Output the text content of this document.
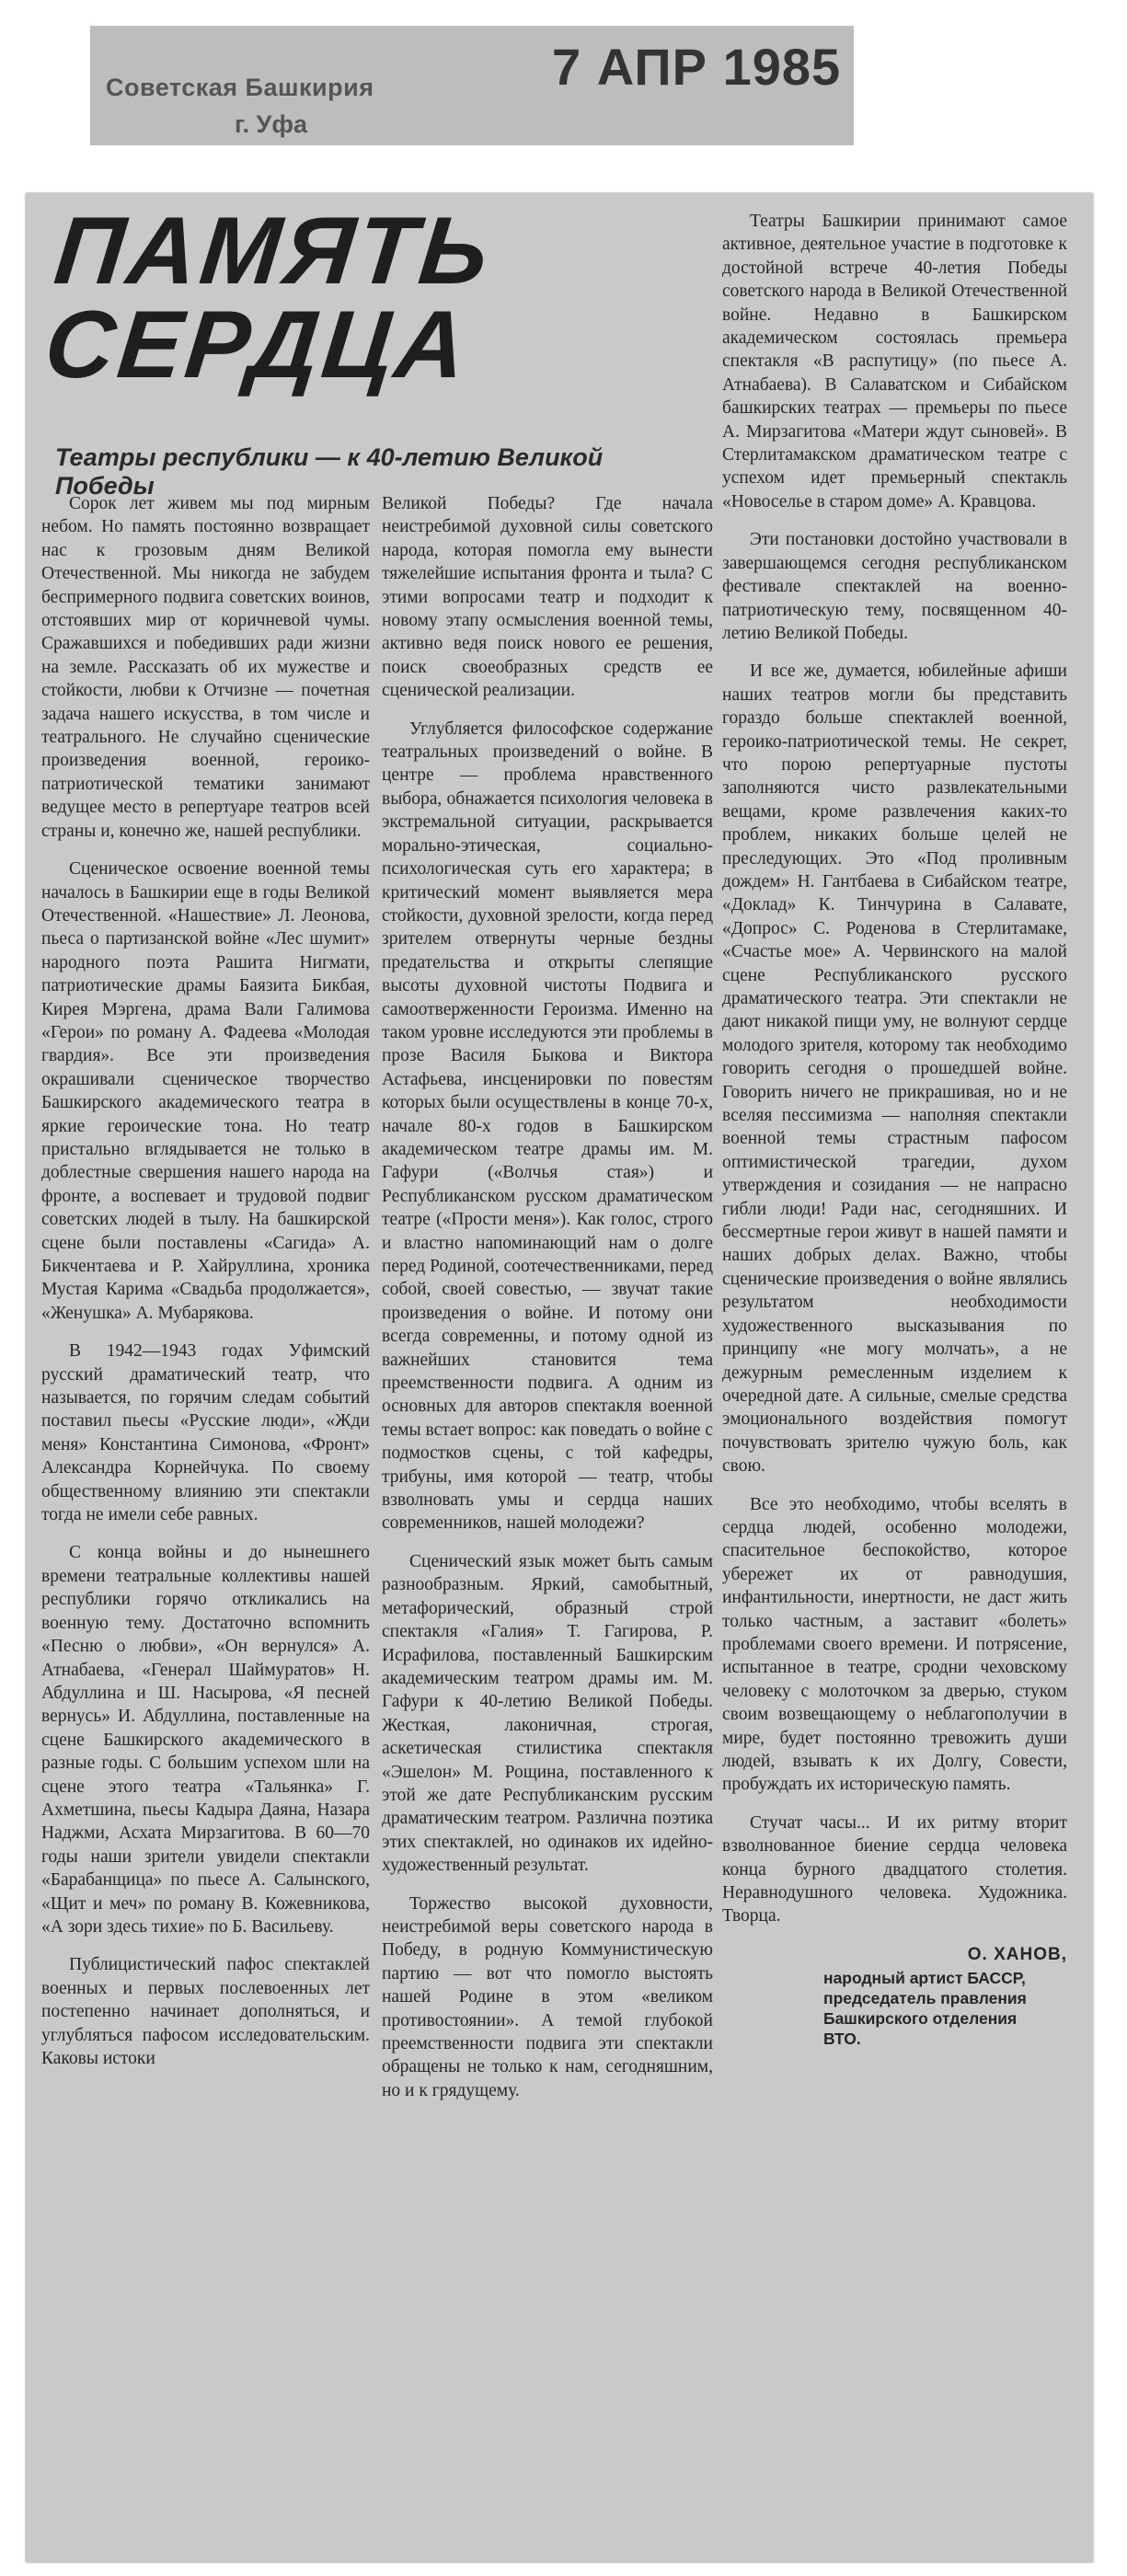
Советская Башкирия
г. Уфа
7 АПР 1985
ПАМЯТЬ
СЕРДЦА
Театры республики — к 40-летию Великой Победы

Сорок лет живем мы под мирным небом. Но память постоянно возвращает нас к грозовым дням Великой Отечественной. Мы никогда не забудем беспримерного подвига советских воинов, отстоявших мир от коричневой чумы. Сражавшихся и победивших ради жизни на земле. Рассказать об их мужестве и стойкости, любви к Отчизне — почетная задача нашего искусства, в том числе и театрального. Не случайно сценические произведения военной, героико-патриотической тематики занимают ведущее место в репертуаре театров всей страны и, конечно же, нашей республики.

Сценическое освоение военной темы началось в Башкирии еще в годы Великой Отечественной. «Нашествие» Л. Леонова, пьеса о партизанской войне «Лес шумит» народного поэта Рашита Нигмати, патриотические драмы Баязита Бикбая, Кирея Мэргена, драма Вали Галимова «Герои» по роману А. Фадеева «Молодая гвардия». Все эти произведения окрашивали сценическое творчество Башкирского академического театра в яркие героические тона. Но театр пристально вглядывается не только в доблестные свершения нашего народа на фронте, а воспевает и трудовой подвиг советских людей в тылу. На башкирской сцене были поставлены «Сагида» А. Бикчентаева и Р. Хайруллина, хроника Мустая Карима «Свадьба продолжается», «Женушка» А. Мубарякова.

В 1942—1943 годах Уфимский русский драматический театр, что называется, по горячим следам событий поставил пьесы «Русские люди», «Жди меня» Константина Симонова, «Фронт» Александра Корнейчука. По своему общественному влиянию эти спектакли тогда не имели себе равных.

С конца войны и до нынешнего времени театральные коллективы нашей республики горячо откликались на военную тему. Достаточно вспомнить «Песню о любви», «Он вернулся» А. Атнабаева, «Генерал Шаймуратов» Н. Абдуллина и Ш. Насырова, «Я песней вернусь» И. Абдуллина, поставленные на сцене Башкирского академического в разные годы. С большим успехом шли на сцене этого театра «Тальянка» Г. Ахметшина, пьесы Кадыра Даяна, Назара Наджми, Асхата Мирзагитова. В 60—70 годы наши зрители увидели спектакли «Барабанщица» по пьесе А. Салынского, «Щит и меч» по роману В. Кожевникова, «А зори здесь тихие» по Б. Васильеву.

Публицистический пафос спектаклей военных и первых послевоенных лет постепенно начинает дополняться, и углубляться пафосом исследовательским. Каковы истоки

Великой Победы? Где начала неистребимой духовной силы советского народа, которая помогла ему вынести тяжелейшие испытания фронта и тыла? С этими вопросами театр и подходит к новому этапу осмысления военной темы, активно ведя поиск нового ее решения, поиск своеобразных средств ее сценической реализации.

Углубляется философское содержание театральных произведений о войне. В центре — проблема нравственного выбора, обнажается психология человека в экстремальной ситуации, раскрывается морально-этическая, социально-психологическая суть его характера; в критический момент выявляется мера стойкости, духовной зрелости, когда перед зрителем отвернуты черные бездны предательства и открыты слепящие высоты духовной чистоты Подвига и самоотверженности Героизма. Именно на таком уровне исследуются эти проблемы в прозе Василя Быкова и Виктора Астафьева, инсценировки по повестям которых были осуществлены в конце 70-х, начале 80-х годов в Башкирском академическом театре драмы им. М. Гафури («Волчья стая») и Республиканском русском драматическом театре («Прости меня»). Как голос, строго и властно напоминающий нам о долге перед Родиной, соотечественниками, перед собой, своей совестью, — звучат такие произведения о войне. И потому они всегда современны, и потому одной из важнейших становится тема преемственности подвига. А одним из основных для авторов спектакля военной темы встает вопрос: как поведать о войне с подмостков сцены, с той кафедры, трибуны, имя которой — театр, чтобы взволновать умы и сердца наших современников, нашей молодежи?

Сценический язык может быть самым разнообразным. Яркий, самобытный, метафорический, образный строй спектакля «Галия» Т. Гагирова, Р. Исрафилова, поставленный Башкирским академическим театром драмы им. М. Гафури к 40-летию Великой Победы. Жесткая, лаконичная, строгая, аскетическая стилистика спектакля «Эшелон» М. Рощина, поставленного к этой же дате Республиканским русским драматическим театром. Различна поэтика этих спектаклей, но одинаков их идейно-художественный результат.

Торжество высокой духовности, неистребимой веры советского народа в Победу, в родную Коммунистическую партию — вот что помогло выстоять нашей Родине в этом «великом противостоянии». А темой глубокой преемственности подвига эти спектакли обращены не только к нам, сегодняшним, но и к грядущему.

Театры Башкирии принимают самое активное, деятельное участие в подготовке к достойной встрече 40-летия Победы советского народа в Великой Отечественной войне. Недавно в Башкирском академическом состоялась премьера спектакля «В распутицу» (по пьесе А. Атнабаева). В Салаватском и Сибайском башкирских театрах — премьеры по пьесе А. Мирзагитова «Матери ждут сыновей». В Стерлитамакском драматическом театре с успехом идет премьерный спектакль «Новоселье в старом доме» А. Кравцова.

Эти постановки достойно участвовали в завершающемся сегодня республиканском фестивале спектаклей на военно-патриотическую тему, посвященном 40-летию Великой Победы.

И все же, думается, юбилейные афиши наших театров могли бы представить гораздо больше спектаклей военной, героико-патриотической темы. Не секрет, что порою репертуарные пустоты заполняются чисто развлекательными вещами, кроме развлечения каких-то проблем, никаких больше целей не преследующих. Это «Под проливным дождем» Н. Гантбаева в Сибайском театре, «Доклад» К. Тинчурина в Салавате, «Допрос» С. Роденова в Стерлитамаке, «Счастье мое» А. Червинского на малой сцене Республиканского русского драматического театра. Эти спектакли не дают никакой пищи уму, не волнуют сердце молодого зрителя, которому так необходимо говорить сегодня о прошедшей войне. Говорить ничего не прикрашивая, но и не вселяя пессимизма — наполняя спектакли военной темы страстным пафосом оптимистической трагедии, духом утверждения и созидания — не напрасно гибли люди! Ради нас, сегодняшних. И бессмертные герои живут в нашей памяти и наших добрых делах. Важно, чтобы сценические произведения о войне являлись результатом необходимости художественного высказывания по принципу «не могу молчать», а не дежурным ремесленным изделием к очередной дате. А сильные, смелые средства эмоционального воздействия помогут почувствовать зрителю чужую боль, как свою.

Все это необходимо, чтобы вселять в сердца людей, особенно молодежи, спасительное беспокойство, которое убережет их от равнодушия, инфантильности, инертности, не даст жить только частным, а заставит «болеть» проблемами своего времени. И потрясение, испытанное в театре, сродни чеховскому человеку с молоточком за дверью, стуком своим возвещающему о неблагополучии в мире, будет постоянно тревожить души людей, взывать к их Долгу, Совести, пробуждать их историческую память.

Стучат часы... И их ритму вторит взволнованное биение сердца человека конца бурного двадцатого столетия. Неравнодушного человека. Художника. Творца.

О. ХАНОВ,
народный артист БАССР,
председатель правления
Башкирского отделения
ВТО.
